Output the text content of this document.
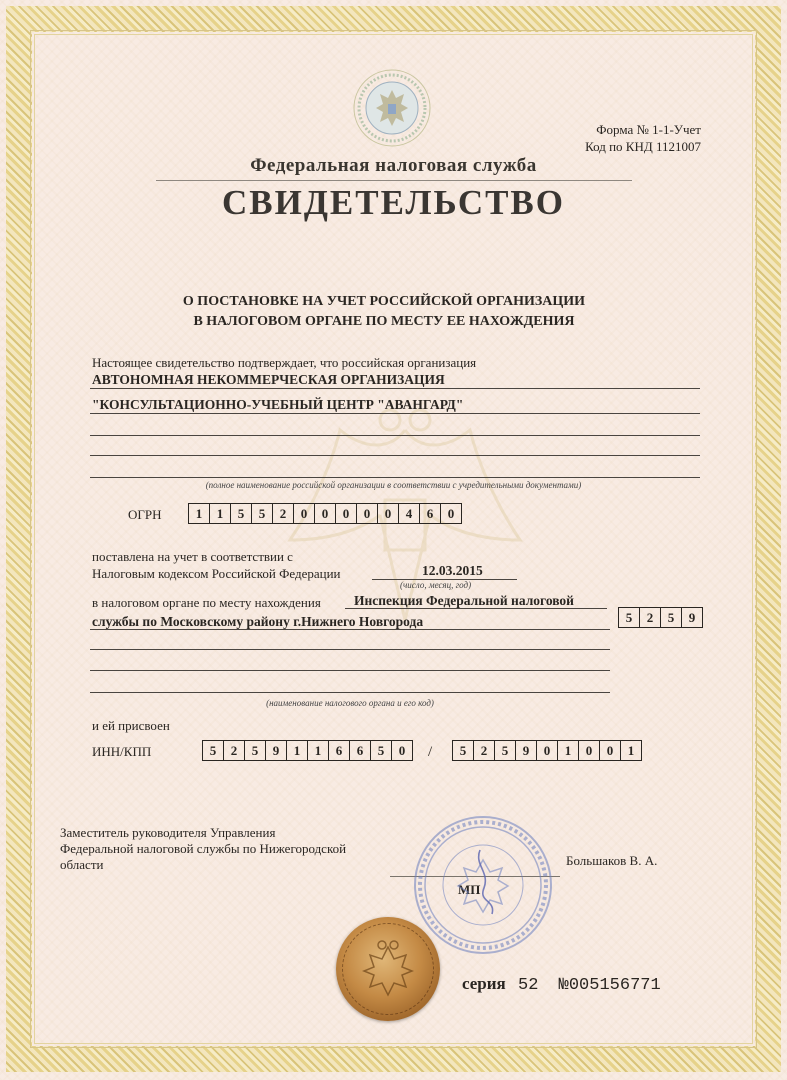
Форма № 1-1-Учет
Код по КНД 1121007
Федеральная налоговая служба
СВИДЕТЕЛЬСТВО
О ПОСТАНОВКЕ НА УЧЕТ РОССИЙСКОЙ ОРГАНИЗАЦИИ
В НАЛОГОВОМ ОРГАНЕ ПО МЕСТУ ЕЕ НАХОЖДЕНИЯ
Настоящее свидетельство подтверждает, что российская организация
АВТОНОМНАЯ НЕКОММЕРЧЕСКАЯ ОРГАНИЗАЦИЯ
"КОНСУЛЬТАЦИОННО-УЧЕБНЫЙ ЦЕНТР "АВАНГАРД"
(полное наименование российской организации в соответствии с учредительными документами)
ОГРН	1	1	5	5	2	0	0	0	0	0	4	6	0
поставлена на учет в соответствии с
Налоговым кодексом Российской Федерации	12.03.2015
(число, месяц, год)
в налоговом органе по месту нахождения Инспекция Федеральной налоговой
службы по Московскому району г.Нижнего Новгорода	5	2	5	9
(наименование налогового органа и его код)
и ей присвоен
ИНН/КПП	5	2	5	9	1	1	6	6	5	0	/	5	2	5	9	0	1	0	0	1
Заместитель руководителя Управления
Федеральной налоговой службы по Нижегородской
области	Большаков В. А.
МП
серия 52 №005156771
